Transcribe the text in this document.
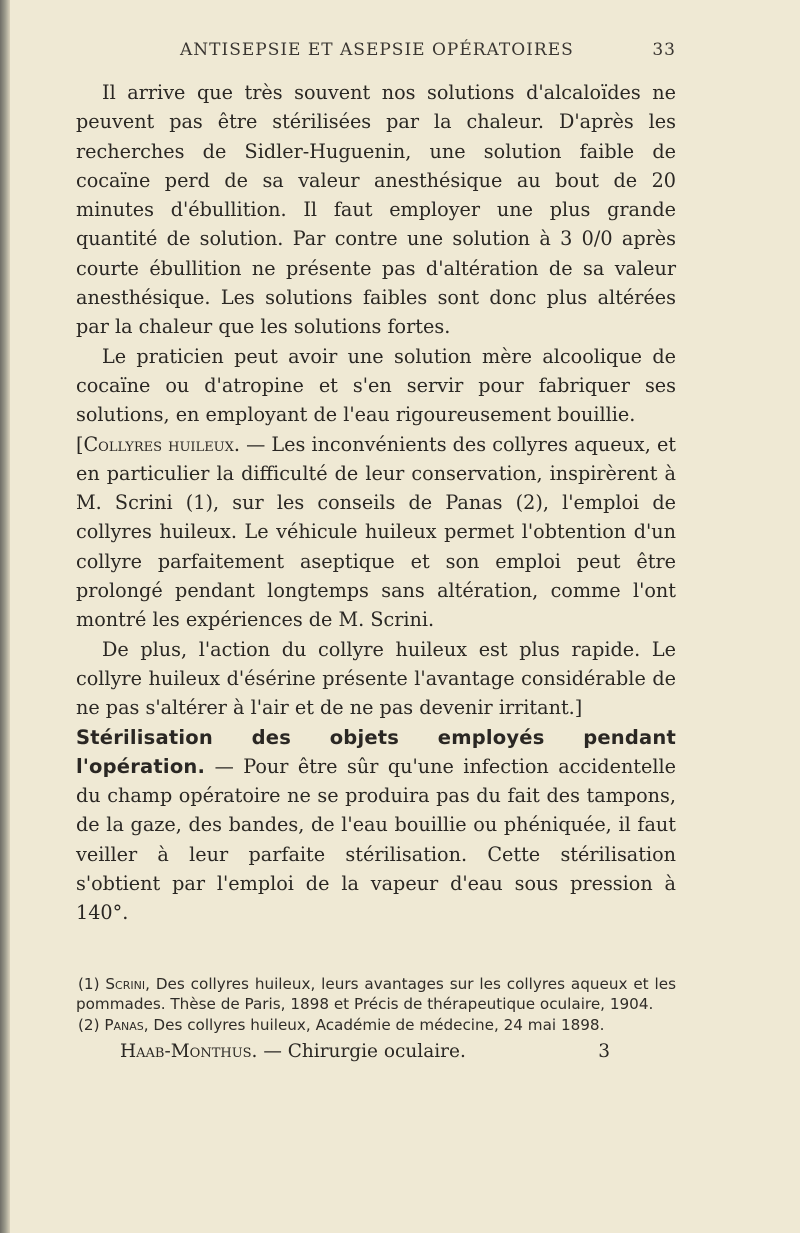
ANTISEPSIE ET ASEPSIE OPÉRATOIRES	33

Il arrive que très souvent nos solutions d'alcaloïdes ne peuvent pas être stérilisées par la chaleur. D'après les recherches de Sidler-Huguenin, une solution faible de cocaïne perd de sa valeur anesthésique au bout de 20 minutes d'ébullition. Il faut employer une plus grande quantité de solution. Par contre une solution à 3 0/0 après courte ébullition ne présente pas d'altération de sa valeur anesthésique. Les solutions faibles sont donc plus altérées par la chaleur que les solutions fortes.

Le praticien peut avoir une solution mère alcoolique de cocaïne ou d'atropine et s'en servir pour fabriquer ses solutions, en employant de l'eau rigoureusement bouillie.

[Collyres huileux. — Les inconvénients des collyres aqueux, et en particulier la difficulté de leur conservation, inspirèrent à M. Scrini (1), sur les conseils de Panas (2), l'emploi de collyres huileux. Le véhicule huileux permet l'obtention d'un collyre parfaitement aseptique et son emploi peut être prolongé pendant longtemps sans altération, comme l'ont montré les expériences de M. Scrini.

De plus, l'action du collyre huileux est plus rapide. Le collyre huileux d'ésérine présente l'avantage considérable de ne pas s'altérer à l'air et de ne pas devenir irritant.]

Stérilisation des objets employés pendant l'opération. — Pour être sûr qu'une infection accidentelle du champ opératoire ne se produira pas du fait des tampons, de la gaze, des bandes, de l'eau bouillie ou phéniquée, il faut veiller à leur parfaite stérilisation. Cette stérilisation s'obtient par l'emploi de la vapeur d'eau sous pression à 140°.

(1) Scrini, Des collyres huileux, leurs avantages sur les collyres aqueux et les pommades. Thèse de Paris, 1898 et Précis de thérapeutique oculaire, 1904.

(2) Panas, Des collyres huileux, Académie de médecine, 24 mai 1898.

Haab-Monthus. — Chirurgie oculaire.	3
